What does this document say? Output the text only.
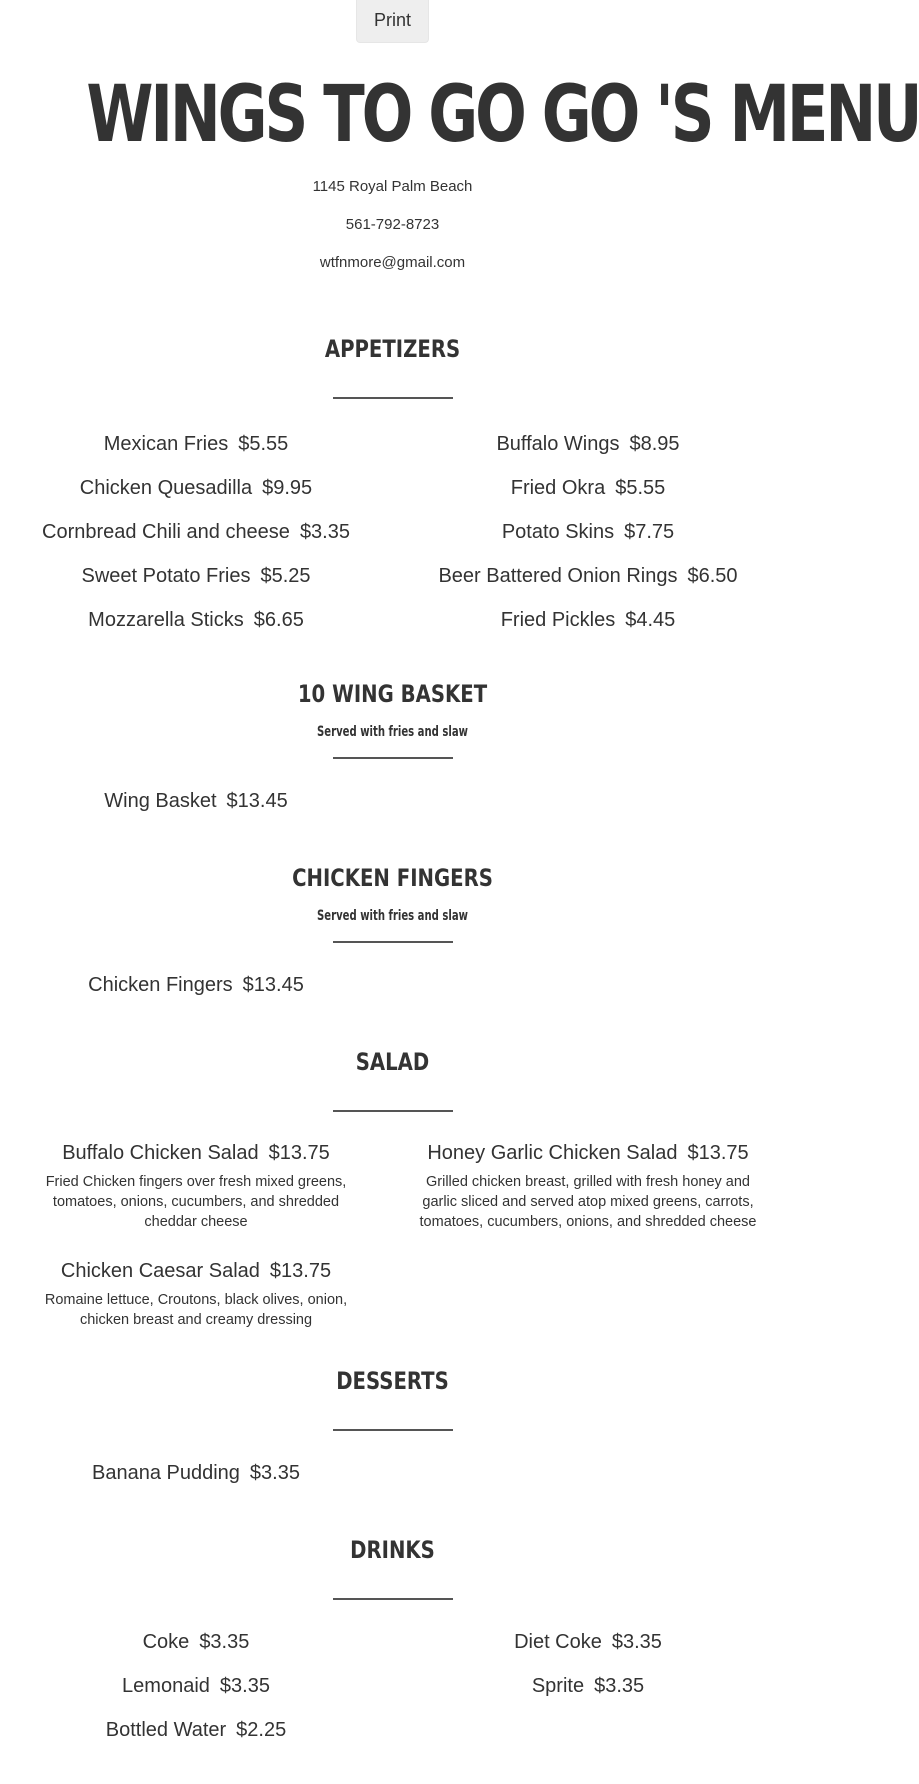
Print
WINGS TO GO GO 'S MENU
1145 Royal Palm Beach
561-792-8723
wtfnmore@gmail.com
APPETIZERS
Mexican Fries $5.55
Chicken Quesadilla $9.95
Cornbread Chili and cheese $3.35
Sweet Potato Fries $5.25
Mozzarella Sticks $6.65
Buffalo Wings $8.95
Fried Okra $5.55
Potato Skins $7.75
Beer Battered Onion Rings $6.50
Fried Pickles $4.45
10 WING BASKET
Served with fries and slaw
Wing Basket $13.45
CHICKEN FINGERS
Served with fries and slaw
Chicken Fingers $13.45
SALAD
Buffalo Chicken Salad $13.75
Fried Chicken fingers over fresh mixed greens, tomatoes, onions, cucumbers, and shredded cheddar cheese
Chicken Caesar Salad $13.75
Romaine lettuce, Croutons, black olives, onion, chicken breast and creamy dressing
Honey Garlic Chicken Salad $13.75
Grilled chicken breast, grilled with fresh honey and garlic sliced and served atop mixed greens, carrots, tomatoes, cucumbers, onions, and shredded cheese
DESSERTS
Banana Pudding $3.35
DRINKS
Coke $3.35
Lemonaid $3.35
Bottled Water $2.25
Diet Coke $3.35
Sprite $3.35
